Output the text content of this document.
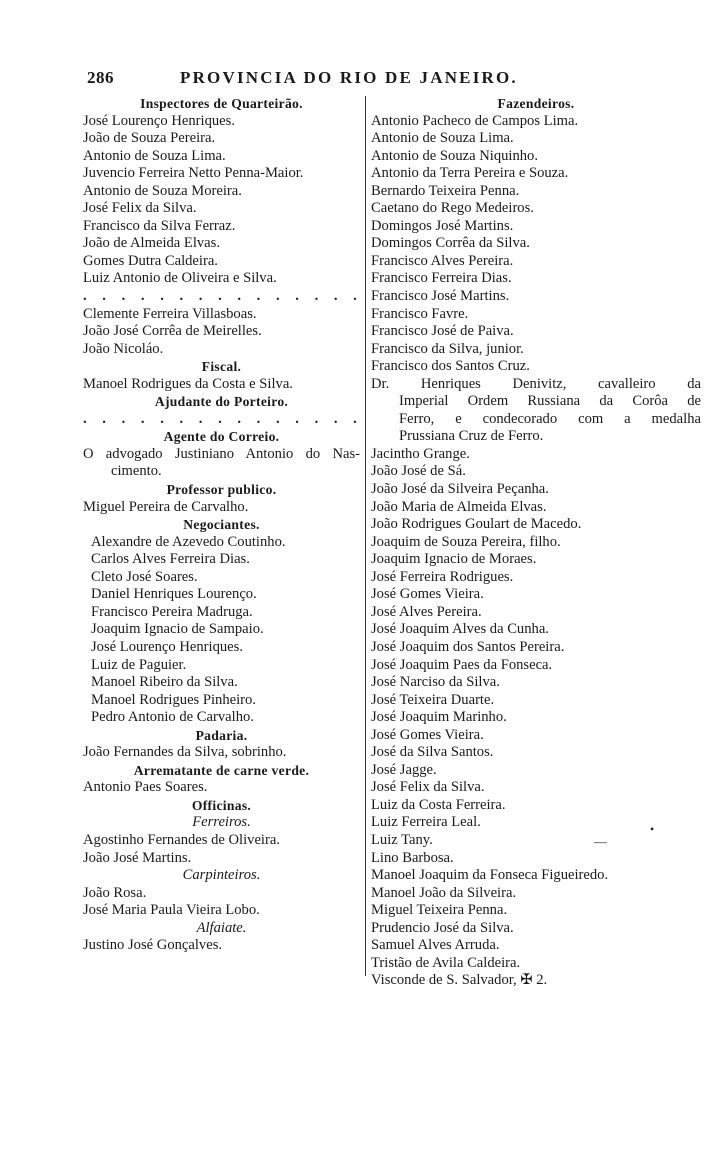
286	PROVINCIA DO RIO DE JANEIRO.
Inspectores de Quarteirão.
José Lourenço Henriques.
João de Souza Pereira.
Antonio de Souza Lima.
Juvencio Ferreira Netto Penna-Maior.
Antonio de Souza Moreira.
José Felix da Silva.
Francisco da Silva Ferraz.
João de Almeida Elvas.
Gomes Dutra Caldeira.
Luiz Antonio de Oliveira e Silva.
. . . . . . . . . . . . . . .
Clemente Ferreira Villasboas.
João José Corrêa de Meirelles.
João Nicoláo.
Fiscal.
Manoel Rodrigues da Costa e Silva.
Ajudante do Porteiro.
. . . . . . . . . . . . . . .
Agente do Correio.
O advogado Justiniano Antonio do Nas-
cimento.
Professor publico.
Miguel Pereira de Carvalho.
Negociantes.
Alexandre de Azevedo Coutinho.
Carlos Alves Ferreira Dias.
Cleto José Soares.
Daniel Henriques Lourenço.
Francisco Pereira Madruga.
Joaquim Ignacio de Sampaio.
José Lourenço Henriques.
Luiz de Paguier.
Manoel Ribeiro da Silva.
Manoel Rodrigues Pinheiro.
Pedro Antonio de Carvalho.
Padaria.
João Fernandes da Silva, sobrinho.
Arrematante de carne verde.
Antonio Paes Soares.
Officinas.
Ferreiros.
Agostinho Fernandes de Oliveira.
João José Martins.
Carpinteiros.
João Rosa.
José Maria Paula Vieira Lobo.
Alfaiate.
Justino José Gonçalves.
Fazendeiros.
Antonio Pacheco de Campos Lima.
Antonio de Souza Lima.
Antonio de Souza Niquinho.
Antonio da Terra Pereira e Souza.
Bernardo Teixeira Penna.
Caetano do Rego Medeiros.
Domingos José Martins.
Domingos Corrêa da Silva.
Francisco Alves Pereira.
Francisco Ferreira Dias.
Francisco José Martins.
Francisco Favre.
Francisco José de Paiva.
Francisco da Silva, junior.
Francisco dos Santos Cruz.
Dr. Henriques Denivitz, cavalleiro da
Imperial Ordem Russiana da Corôa de
Ferro, e condecorado com a medalha
Prussiana Cruz de Ferro.
Jacintho Grange.
João José de Sá.
João José da Silveira Peçanha.
João Maria de Almeida Elvas.
João Rodrigues Goulart de Macedo.
Joaquim de Souza Pereira, filho.
Joaquim Ignacio de Moraes.
José Ferreira Rodrigues.
José Gomes Vieira.
José Alves Pereira.
José Joaquim Alves da Cunha.
José Joaquim dos Santos Pereira.
José Joaquim Paes da Fonseca.
José Narciso da Silva.
José Teixeira Duarte.
José Joaquim Marinho.
José Gomes Vieira.
José da Silva Santos.
José Jagge.
José Felix da Silva.
Luiz da Costa Ferreira.
Luiz Ferreira Leal.
Luiz Tany.
Lino Barbosa.
Manoel Joaquim da Fonseca Figueiredo.
Manoel João da Silveira.
Miguel Teixeira Penna.
Prudencio José da Silva.
Samuel Alves Arruda.
Tristão de Avila Caldeira.
Visconde de S. Salvador, ✠ 2.
•
—
